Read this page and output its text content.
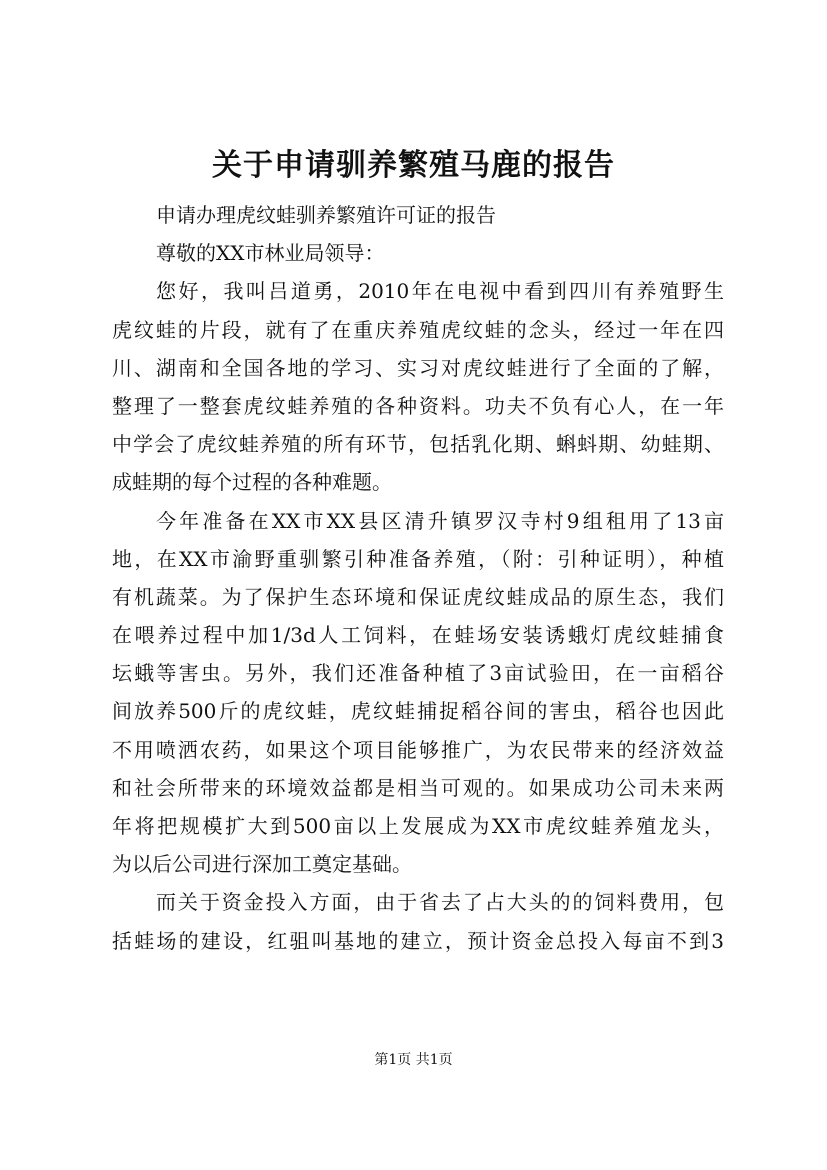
关于申请驯养繁殖马鹿的报告
申请办理虎纹蛙驯养繁殖许可证的报告
尊敬的XX市林业局领导：
您好，我叫吕道勇，2010年在电视中看到四川有养殖野生
虎纹蛙的片段，就有了在重庆养殖虎纹蛙的念头，经过一年在四
川、湖南和全国各地的学习、实习对虎纹蛙进行了全面的了解，
整理了一整套虎纹蛙养殖的各种资料。功夫不负有心人，在一年
中学会了虎纹蛙养殖的所有环节，包括乳化期、蝌蚪期、幼蛙期、
成蛙期的每个过程的各种难题。
今年准备在XX市XX县区清升镇罗汉寺村9组租用了13亩
地，在XX市渝野重驯繁引种准备养殖，（附：引种证明），种植
有机蔬菜。为了保护生态环境和保证虎纹蛙成品的原生态，我们
在喂养过程中加1/3d人工饲料，在蛙场安装诱蛾灯虎纹蛙捕食
坛蛾等害虫。另外，我们还准备种植了3亩试验田，在一亩稻谷
间放养500斤的虎纹蛙，虎纹蛙捕捉稻谷间的害虫，稻谷也因此
不用喷洒农药，如果这个项目能够推广，为农民带来的经济效益
和社会所带来的环境效益都是相当可观的。如果成功公司未来两
年将把规模扩大到500亩以上发展成为XX市虎纹蛙养殖龙头，
为以后公司进行深加工奠定基础。
而关于资金投入方面，由于省去了占大头的的饲料费用，包
括蛙场的建设，红驵叫基地的建立，预计资金总投入每亩不到3
第1页 共1页
